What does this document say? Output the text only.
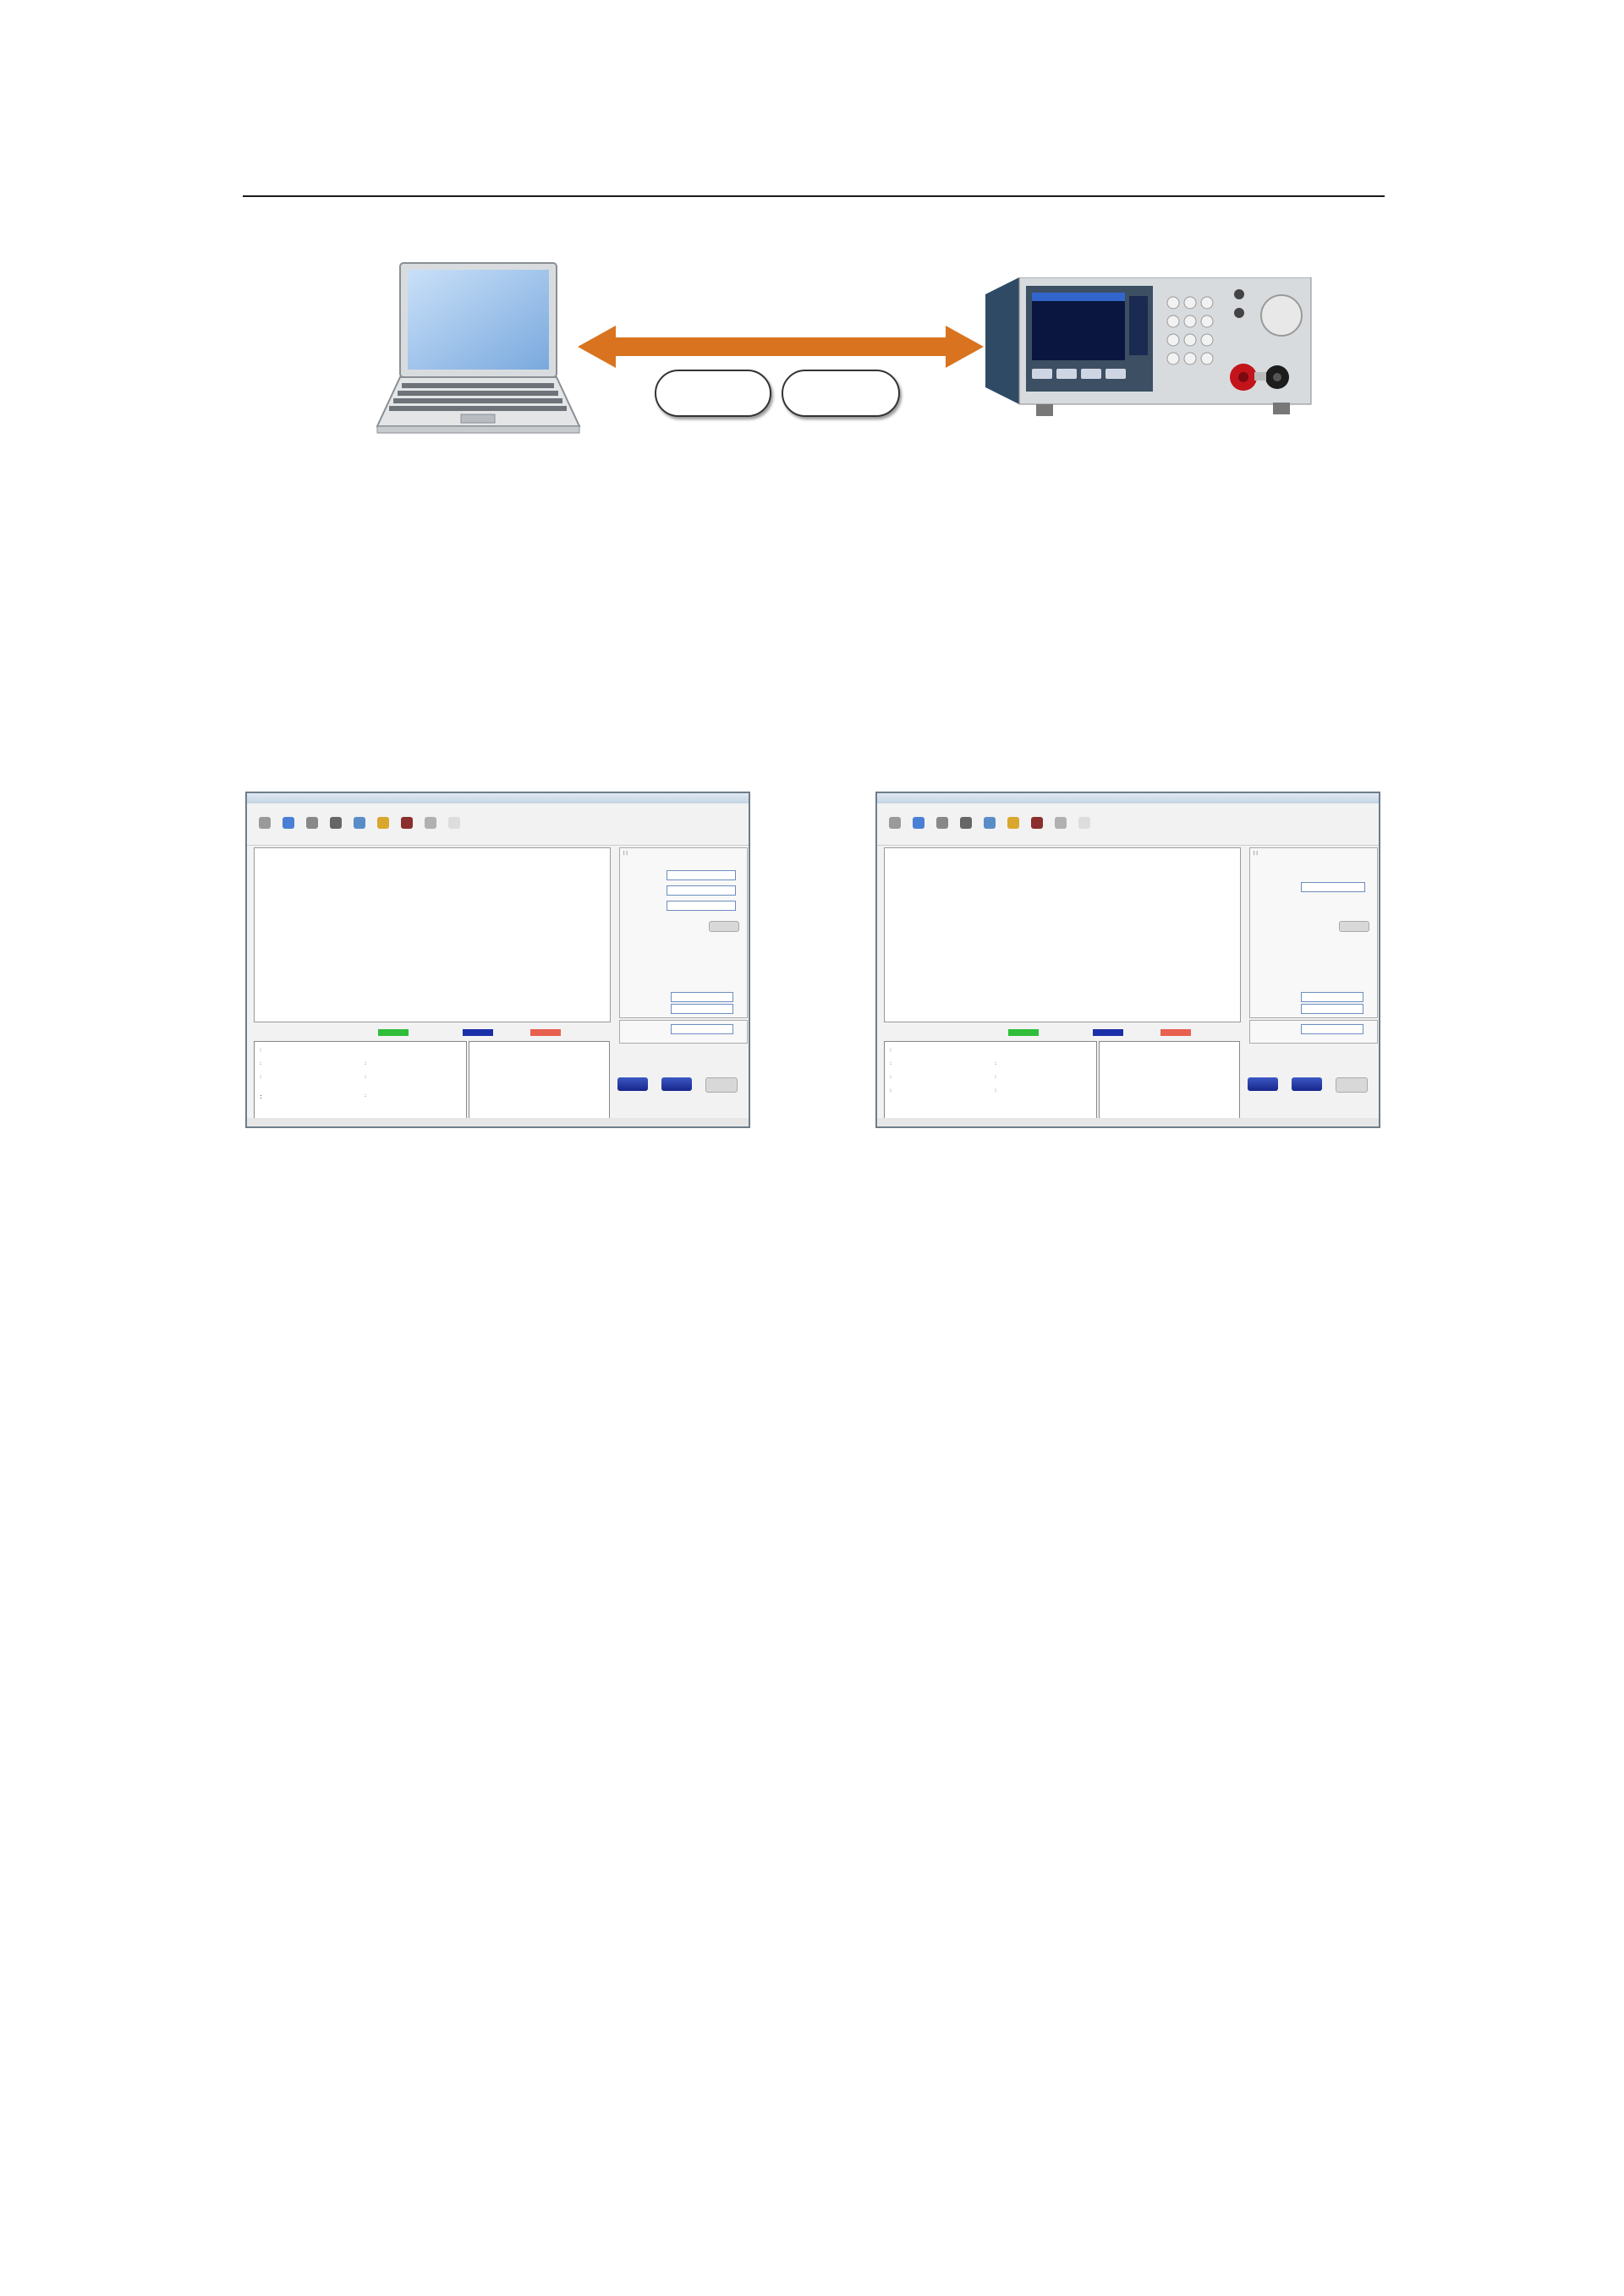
| |
:
:
:
:
:
:
:

| |
:
:
:
:
:
:
:
